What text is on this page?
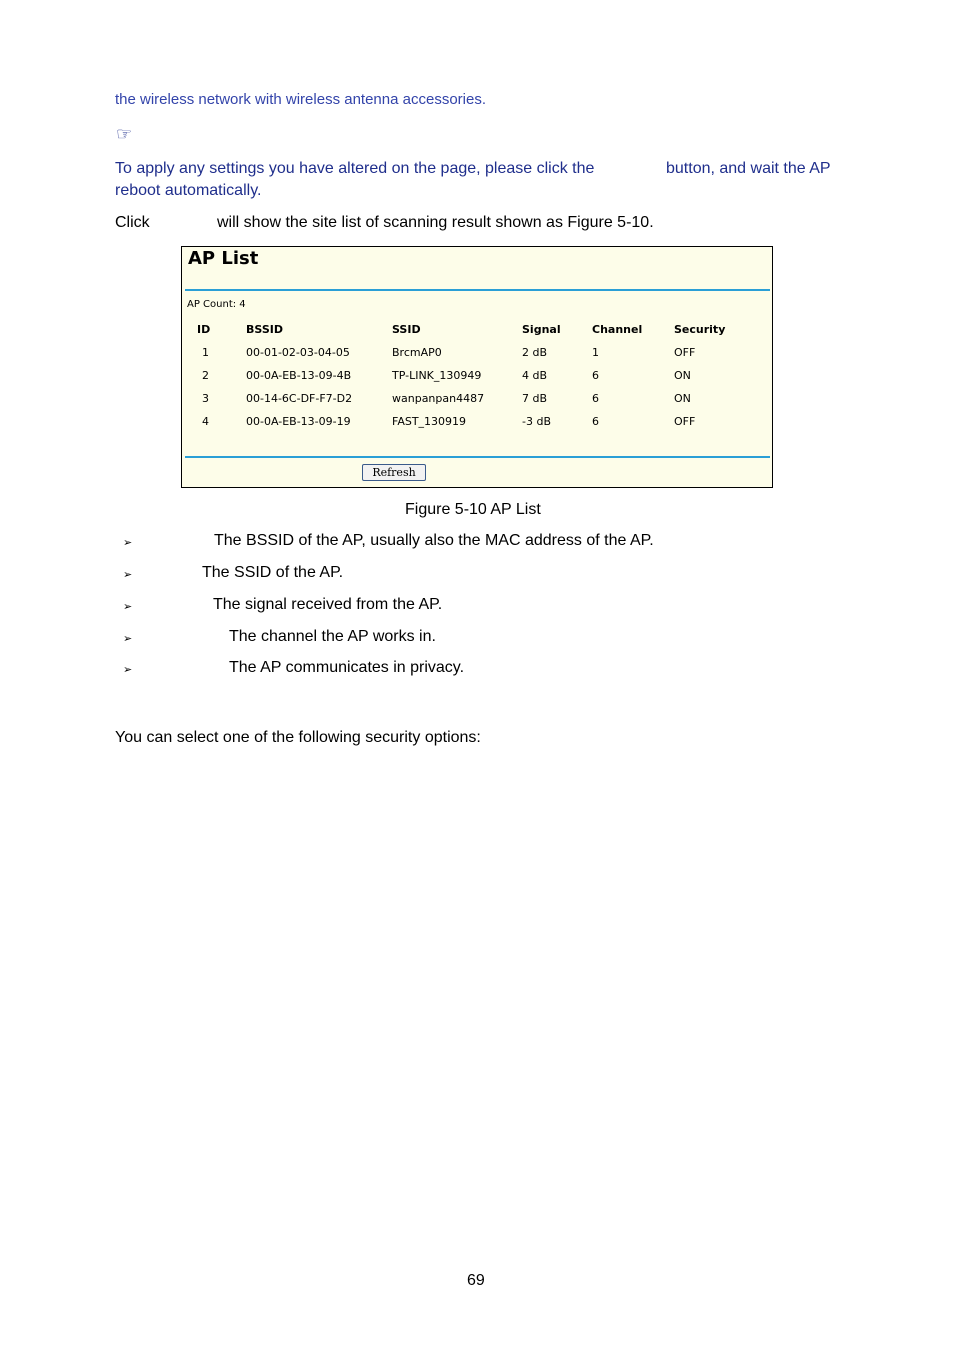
the wireless network with wireless antenna accessories.
☞
To apply any settings you have altered on the page, please click the	button, and wait the AP
reboot automatically.
Click	will show the site list of scanning result shown as Figure 5-10.
AP List
AP Count: 4
ID	BSSID	SSID	Signal	Channel	Security
1	00-01-02-03-04-05	BrcmAP0	2 dB	1	OFF
2	00-0A-EB-13-09-4B	TP-LINK_130949	4 dB	6	ON
3	00-14-6C-DF-F7-D2	wanpanpan4487	7 dB	6	ON
4	00-0A-EB-13-09-19	FAST_130919	-3 dB	6	OFF
Refresh
Figure 5-10 AP List
➢	The BSSID of the AP, usually also the MAC address of the AP.
➢	The SSID of the AP.
➢	The signal received from the AP.
➢	The channel the AP works in.
➢	The AP communicates in privacy.
You can select one of the following security options:
69
